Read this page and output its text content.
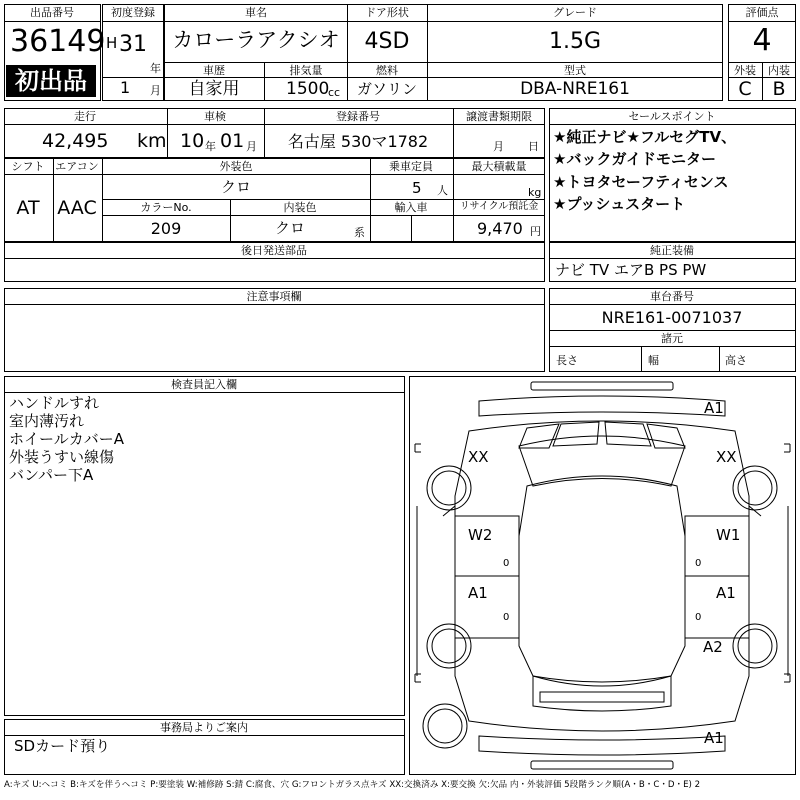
出品番号
36149
初出品
初度登録
H 31
年
1 月
車名
カローラアクシオ
ドア形状
4SD
グレード
1.5G
車歴
自家用
排気量
1500
cc
燃料
ガソリン
型式
DBA-NRE161
評価点
4
外装 内装
C B
走行
42,495 km
車検
10 年 01 月
登録番号
名古屋 530マ1782
譲渡書類期限
月 日
セールスポイント
★純正ナビ★フルセグTV、
★バックガイドモニター
★トヨタセーフティセンス
★プッシュスタート
シフト
AT
エアコン
AAC
外装色
クロ
乗車定員
5 人
最大積載量
kg
カラーNo.
209
内装色
クロ	系
輸入車	リサイクル預託金
9,470 円
後日発送部品	純正装備
ナビ TV エアB PS PW
注意事項欄	車台番号
NRE161-0071037
諸元
長さ	幅	高さ
検査員記入欄
ハンドルすれ
室内薄汚れ
ホイールカバーA
外装うすい線傷
バンパー下A
事務局よりご案内
SDカード預り
0	0
0	0
A1
XX	XX
W2	W1
A1	A1
A2
A1
A:キズ U:ヘコミ B:キズを伴うヘコミ P:要塗装 W:補修跡 S:錆 C:腐食、穴 G:フロントガラス点キズ XX:交換済み X:要交換 欠:欠品 内・外装評価 5段階ランク順(A・B・C・D・E) 2
